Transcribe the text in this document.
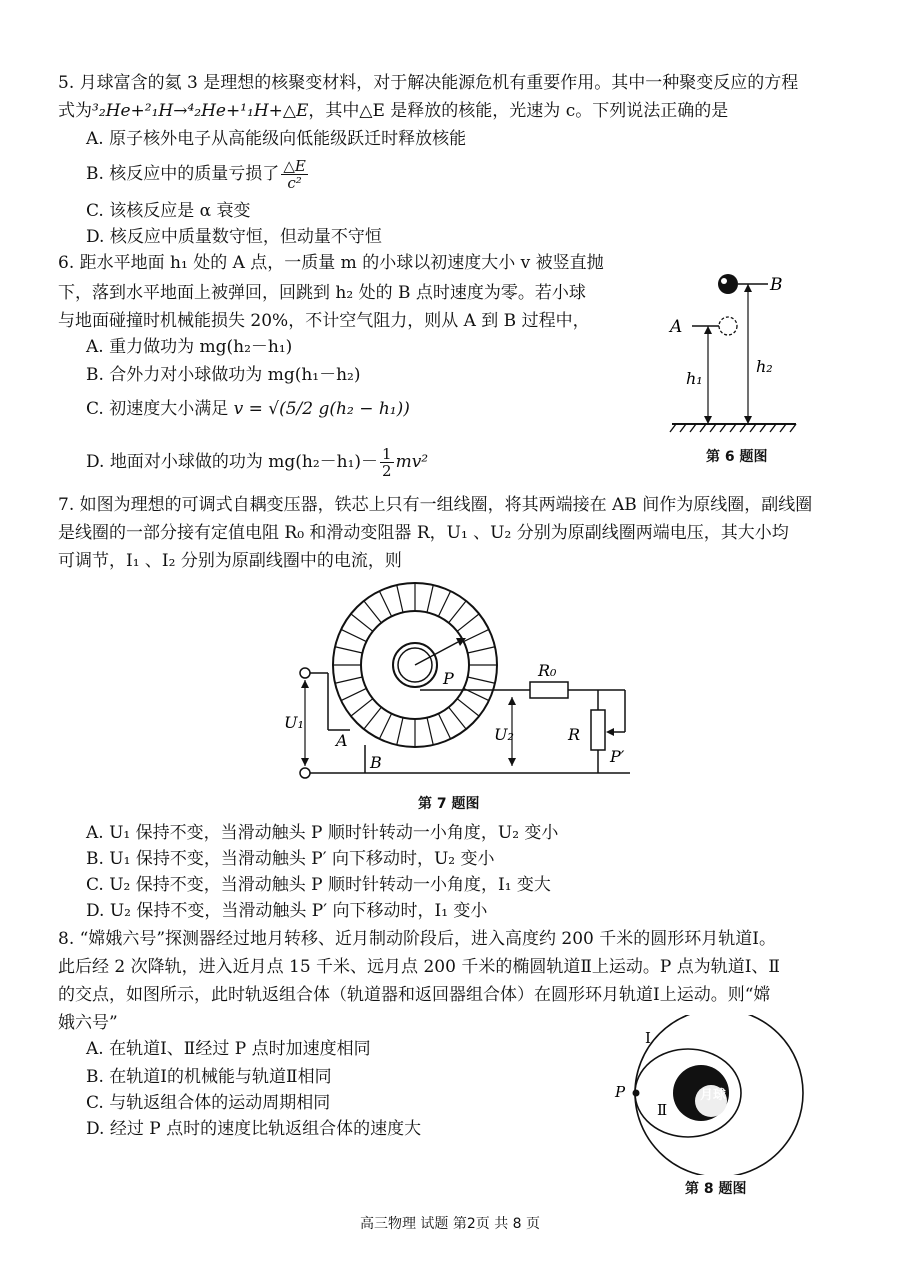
5. 月球富含的氦 3 是理想的核聚变材料，对于解决能源危机有重要作用。其中一种聚变反应的方程
式为³₂He+²₁H→⁴₂He+¹₁H+△E，其中△E 是释放的核能，光速为 c。下列说法正确的是
A. 原子核外电子从高能级向低能级跃迁时释放核能
B. 核反应中的质量亏损了 $\frac{\triangle E}{\text{c²}}$
C. 该核反应是 α 衰变
D. 核反应中质量数守恒，但动量不守恒
6. 距水平地面 h₁ 处的 A 点，一质量 m 的小球以初速度大小 v 被竖直抛
下，落到水平地面上被弹回，回跳到 h₂ 处的 B 点时速度为零。若小球
与地面碰撞时机械能损失 20%，不计空气阻力，则从 A 到 B 过程中，
A. 重力做功为 mg(h₂－h₁)
B. 合外力对小球做功为 mg(h₁－h₂)
C. 初速度大小满足 v = √(5/2 g(h₂ − h₁))
D. 地面对小球做的功为 $mg(h_2-h_1)- \frac{1}{2} mv^2$
B
A
h₁
h₂
第 6 题图
7. 如图为理想的可调式自耦变压器，铁芯上只有一组线圈，将其两端接在 AB 间作为原线圈，副线圈
是线圈的一部分接有定值电阻 R₀ 和滑动变阻器 R，U₁ 、U₂ 分别为原副线圈两端电压，其大小均
可调节，I₁ 、I₂ 分别为原副线圈中的电流，则
P
U₁
A
B
U₂
R₀
R
P′
第 7 题图
A. U₁ 保持不变，当滑动触头 P 顺时针转动一小角度，U₂ 变小
B. U₁ 保持不变，当滑动触头 P′ 向下移动时，U₂ 变小
C. U₂ 保持不变，当滑动触头 P 顺时针转动一小角度，I₁ 变大
D. U₂ 保持不变，当滑动触头 P′ 向下移动时，I₁ 变小
8. “嫦娥六号”探测器经过地月转移、近月制动阶段后，进入高度约 200 千米的圆形环月轨道Ⅰ。
此后经 2 次降轨，进入近月点 15 千米、远月点 200 千米的椭圆轨道Ⅱ上运动。P 点为轨道Ⅰ、Ⅱ
的交点，如图所示，此时轨返组合体（轨道器和返回器组合体）在圆形环月轨道Ⅰ上运动。则“嫦
娥六号”
A. 在轨道Ⅰ、Ⅱ经过 P 点时加速度相同
B. 在轨道Ⅰ的机械能与轨道Ⅱ相同
C. 与轨返组合体的运动周期相同
D. 经过 P 点时的速度比轨返组合体的速度大
月球
P
Ⅰ
Ⅱ
第 8 题图
高三物理 试题 第2页 共 8 页
